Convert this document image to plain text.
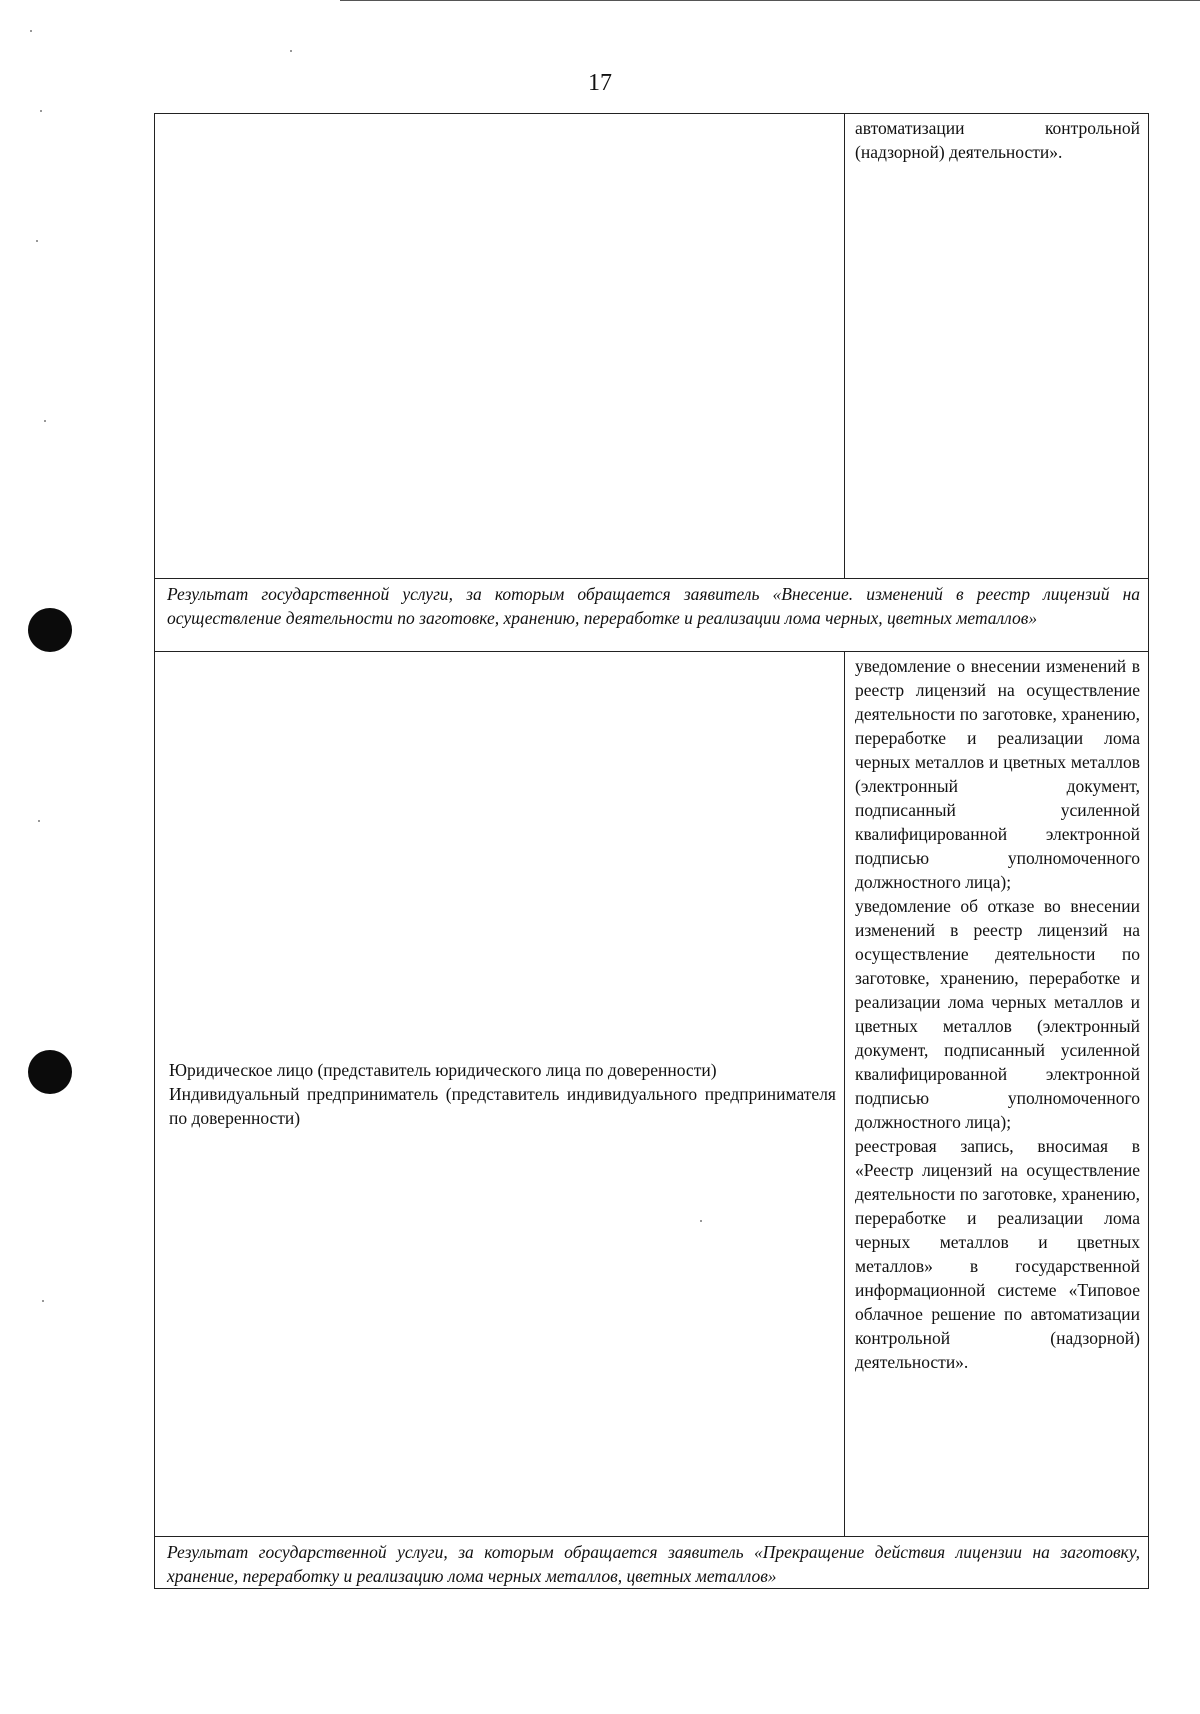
17
	автоматизации контрольной (надзорной) деятельности».
Результат государственной услуги, за которым обращается заявитель «Внесение. изменений в реестр лицензий на осуществление деятельности по заготовке, хранению, переработке и реализации лома черных, цветных металлов»	

Юридическое лицо (представитель юридического лица по доверенности)
Индивидуальный предприниматель (представитель индивидуального предпринимателя по доверенности)	уведомление о внесении изменений в реестр лицензий на осуществление деятельности по заготовке, хранению, переработке и реализации лома черных металлов и цветных металлов (электронный документ, подписанный усиленной квалифицированной электронной подписью уполномоченного должностного лица);
уведомление об отказе во внесении изменений в реестр лицензий на осуществление деятельности по заготовке, хранению, переработке и реализации лома черных металлов и цветных металлов (электронный документ, подписанный усиленной квалифицированной электронной подписью уполномоченного должностного лица);
реестровая запись, вносимая в «Реестр лицензий на осуществление деятельности по заготовке, хранению, переработке и реализации лома черных металлов и цветных металлов» в государственной информационной системе «Типовое облачное решение по автоматизации контрольной (надзорной) деятельности».

Результат государственной услуги, за которым обращается заявитель «Прекращение действия лицензии на заготовку, хранение, переработку и реализацию лома черных металлов, цветных металлов»	
